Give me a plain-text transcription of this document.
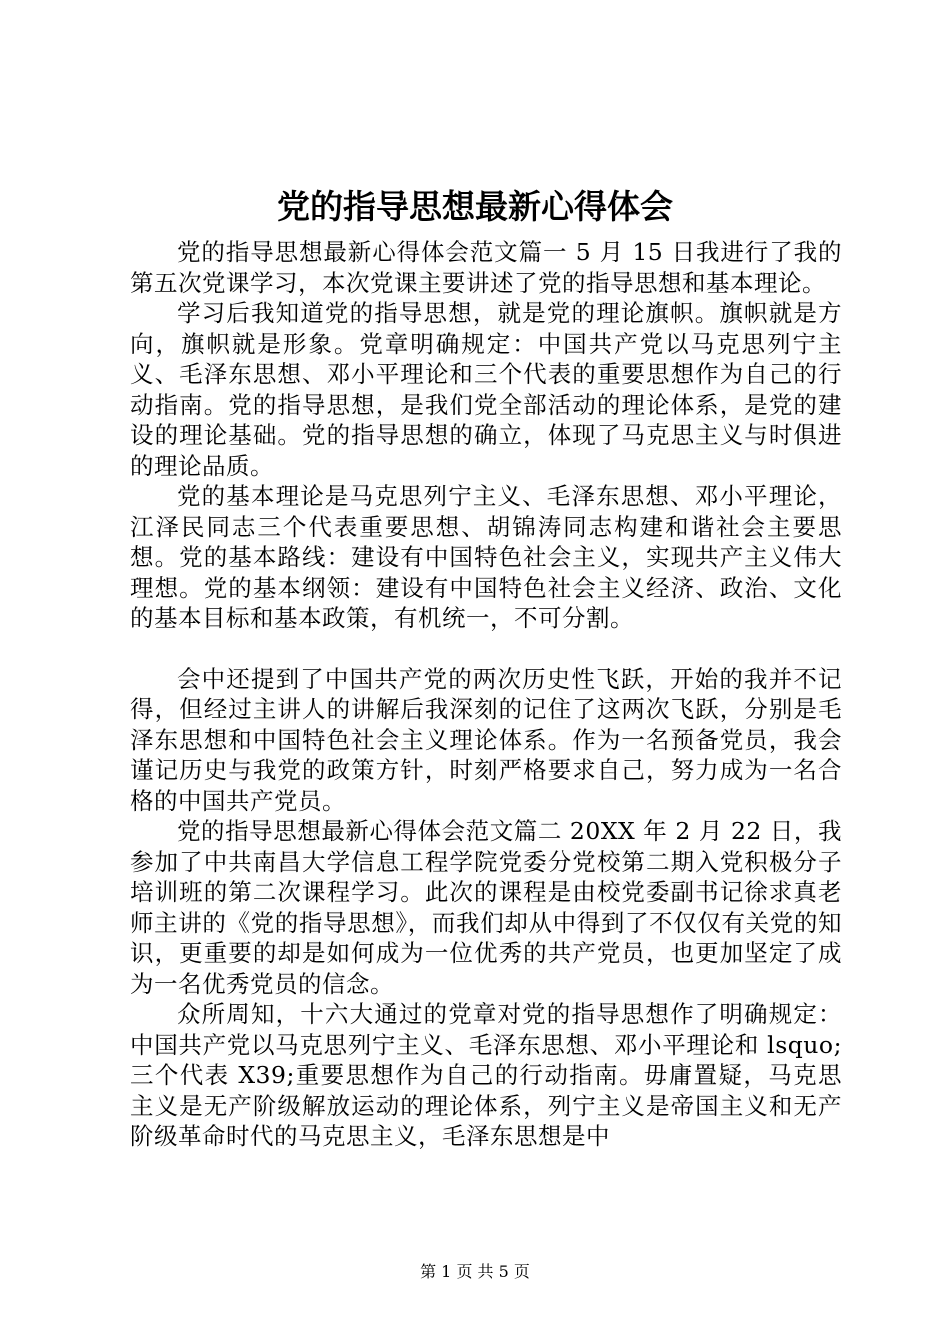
党的指导思想最新心得体会

党的指导思想最新心得体会范文篇一 5 月 15 日我进行了我的第五次党课学习，本次党课主要讲述了党的指导思想和基本理论。

学习后我知道党的指导思想，就是党的理论旗帜。旗帜就是方向，旗帜就是形象。党章明确规定：中国共产党以马克思列宁主义、毛泽东思想、邓小平理论和三个代表的重要思想作为自己的行动指南。党的指导思想，是我们党全部活动的理论体系，是党的建设的理论基础。党的指导思想的确立，体现了马克思主义与时俱进的理论品质。

党的基本理论是马克思列宁主义、毛泽东思想、邓小平理论，江泽民同志三个代表重要思想、胡锦涛同志构建和谐社会主要思想。党的基本路线：建设有中国特色社会主义，实现共产主义伟大理想。党的基本纲领：建设有中国特色社会主义经济、政治、文化的基本目标和基本政策，有机统一，不可分割。

会中还提到了中国共产党的两次历史性飞跃，开始的我并不记得，但经过主讲人的讲解后我深刻的记住了这两次飞跃，分别是毛泽东思想和中国特色社会主义理论体系。作为一名预备党员，我会谨记历史与我党的政策方针，时刻严格要求自己，努力成为一名合格的中国共产党员。

党的指导思想最新心得体会范文篇二 20XX 年 2 月 22 日，我参加了中共南昌大学信息工程学院党委分党校第二期入党积极分子培训班的第二次课程学习。此次的课程是由校党委副书记徐求真老师主讲的《党的指导思想》，而我们却从中得到了不仅仅有关党的知识，更重要的却是如何成为一位优秀的共产党员，也更加坚定了成为一名优秀党员的信念。

众所周知，十六大通过的党章对党的指导思想作了明确规定：中国共产党以马克思列宁主义、毛泽东思想、邓小平理论和 lsquo;三个代表 X39;重要思想作为自己的行动指南。毋庸置疑，马克思主义是无产阶级解放运动的理论体系，列宁主义是帝国主义和无产阶级革命时代的马克思主义，毛泽东思想是中

第 1 页 共 5 页
